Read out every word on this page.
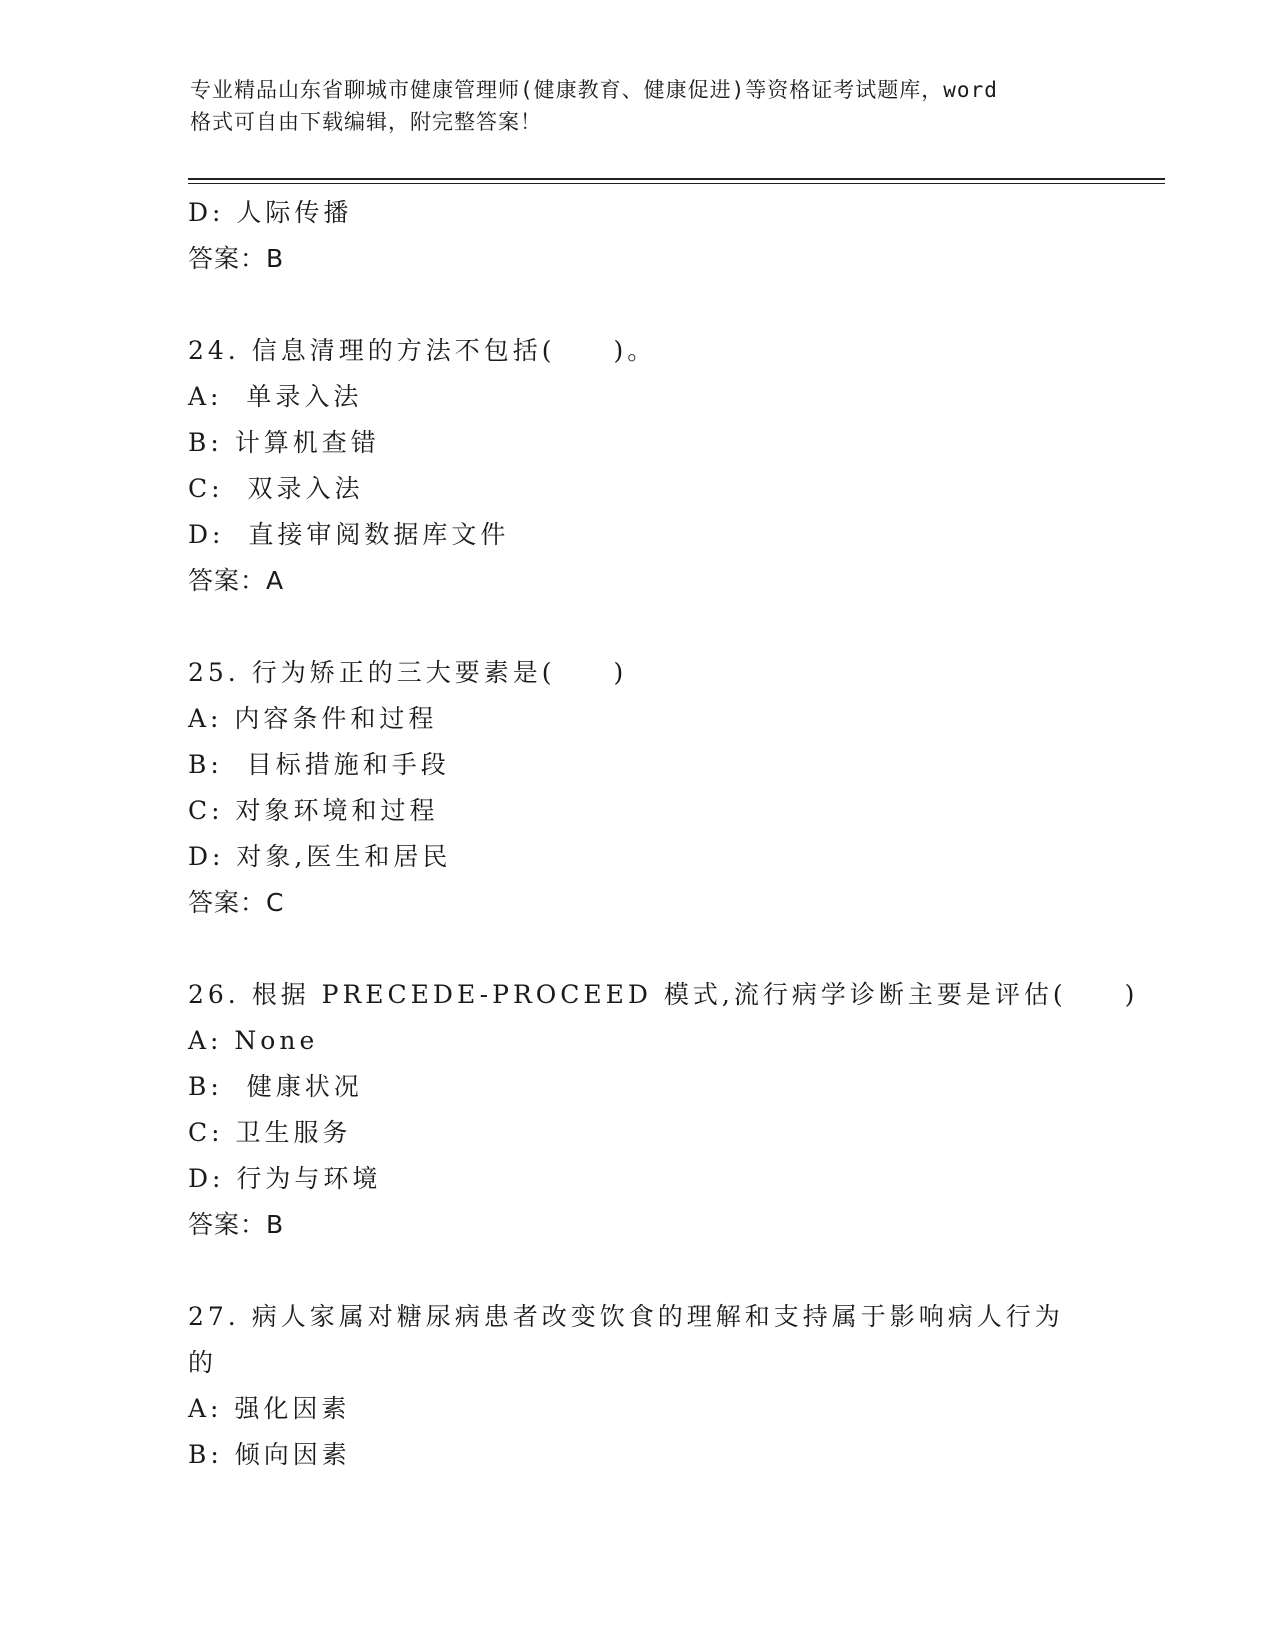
专业精品山东省聊城市健康管理师(健康教育、健康促进)等资格证考试题库，word
格式可自由下载编辑，附完整答案！
D: 人际传播
答案：B
24. 信息清理的方法不包括(　　)。
A:  单录入法
B: 计算机查错
C:  双录入法
D:  直接审阅数据库文件
答案：A
25. 行为矫正的三大要素是(　　)
A: 内容条件和过程
B:  目标措施和手段
C: 对象环境和过程
D: 对象,医生和居民
答案：C
26. 根据 PRECEDE-PROCEED 模式,流行病学诊断主要是评估(　　)
A: None
B:  健康状况
C: 卫生服务
D: 行为与环境
答案：B
27. 病人家属对糖尿病患者改变饮食的理解和支持属于影响病人行为
的
A: 强化因素
B: 倾向因素
